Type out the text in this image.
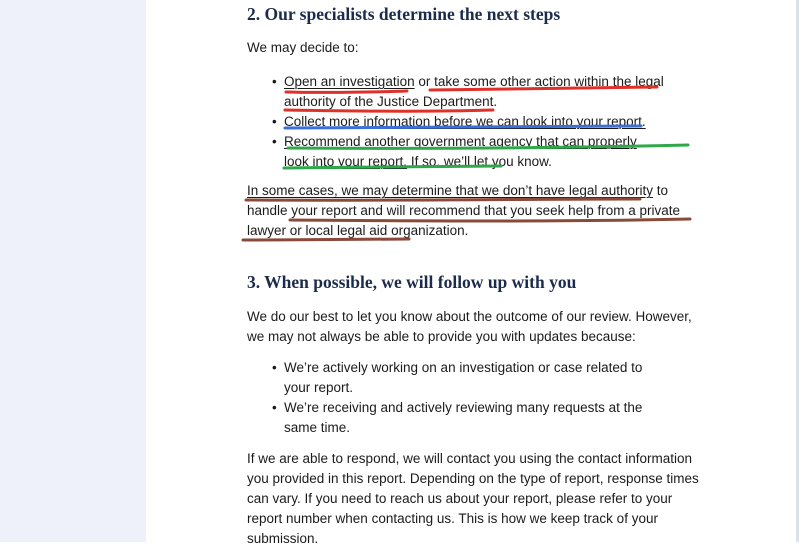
2. Our specialists determine the next steps

We may decide to:

• Open an investigation or take some other action within the legal authority of the Justice Department.
• Collect more information before we can look into your report.
• Recommend another government agency that can properly look into your report. If so, we’ll let you know.

In some cases, we may determine that we don’t have legal authority to handle your report and will recommend that you seek help from a private lawyer or local legal aid organization.

3. When possible, we will follow up with you

We do our best to let you know about the outcome of our review. However, we may not always be able to provide you with updates because:

• We’re actively working on an investigation or case related to your report.
• We’re receiving and actively reviewing many requests at the same time.

If we are able to respond, we will contact you using the contact information you provided in this report. Depending on the type of report, response times can vary. If you need to reach us about your report, please refer to your report number when contacting us. This is how we keep track of your submission.
